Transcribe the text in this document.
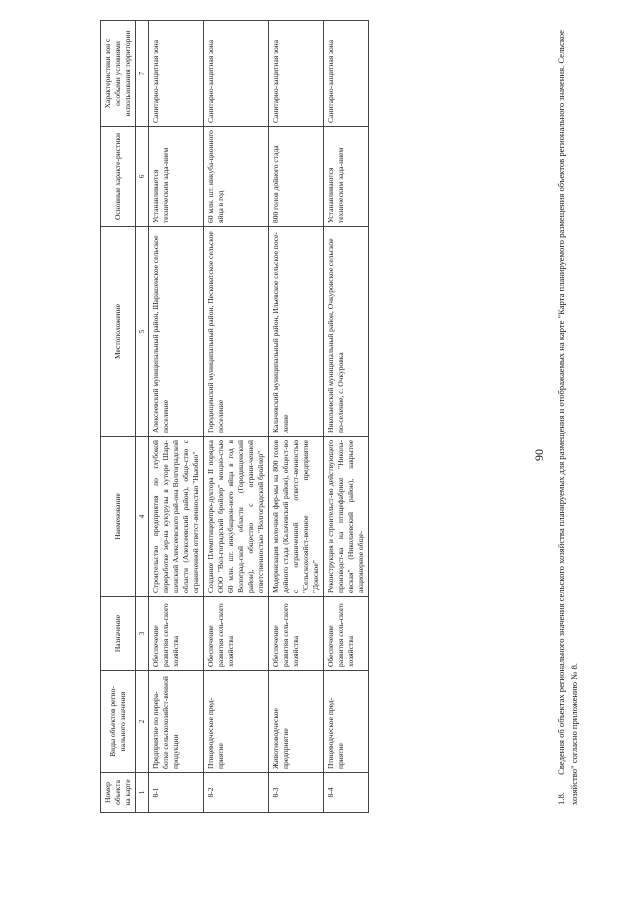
1.8. Сведения об объектах регионального значения сельского хозяйства планируемых для размещения и отображаемых на карте "Карта планируемого размещения объектов регионального значения. Сельское хозяйство" согласно приложению № 8.
Номер объекта на карте	Виды объектов регио-нального значения	Назначение	Наименование	Местоположение	Основные характе-ристики	Характеристики зон с особыми условиями использования территории
1	2	3	4	5	6	7
8-1	Предприятие по перера-ботке сельскохозяйст-венной продукции	Обеспечение развития сель-ского хозяйства	Строительство предприятия по глубокой переработке зер-на кукурузы в хуторе Шара-шенский Алексеевского рай-она Волгоградской области (Алексеевский район), обще-ство с ограниченной ответст-венностью "Ньюбио"	Алексеевский муниципальный район, Шарашенское сельское поселение	Устанавливается техническим зада-нием	Санитарно-защитная зона
8-2	Птицеводческое пред-приятие	Обеспечение развития сель-ского хозяйства	Создание Племптицерепро-дуктора II порядка ООО "Вол-гоградский бройлер" мощно-стью 60 млн. шт. инкубацион-ного яйца в год в Волоград-ской области (Городищенский район), общество с ограни-ченной ответственностью "Волгоградский бройлер"	Городищенский муниципальный район, Песковатское сельское поселение	60 млн. шт. инкуба-ционного яйца в год	Санитарно-защитная зона
8-3	Животноводческое предприятие	Обеспечение развития сель-ского хозяйства	Модернизация молочной фер-мы на 800 голов дойного стада (Калачевский район), общест-во с ограниченной ответст-венностью "Сельскохозяйст-венное предприятие "Донское"	Калачевский муниципальный район, Ильевское сельское посе-ление	800 голов дойного стада	Санитарно-защитная зона
8-4	Птицеводческое пред-приятие	Обеспечение развития сель-ского хозяйства	Реконструкция и строительст-во действующего производст-ва на птицефабрике "Никола-евская" (Николаевский район), закрытое акционерное обще-	Николаевский муниципальный район, Очкуровское сельское по-селение, с. Очкуровка	Устанавливаются техническим зада-нием	Санитарно-защитная зона
90
